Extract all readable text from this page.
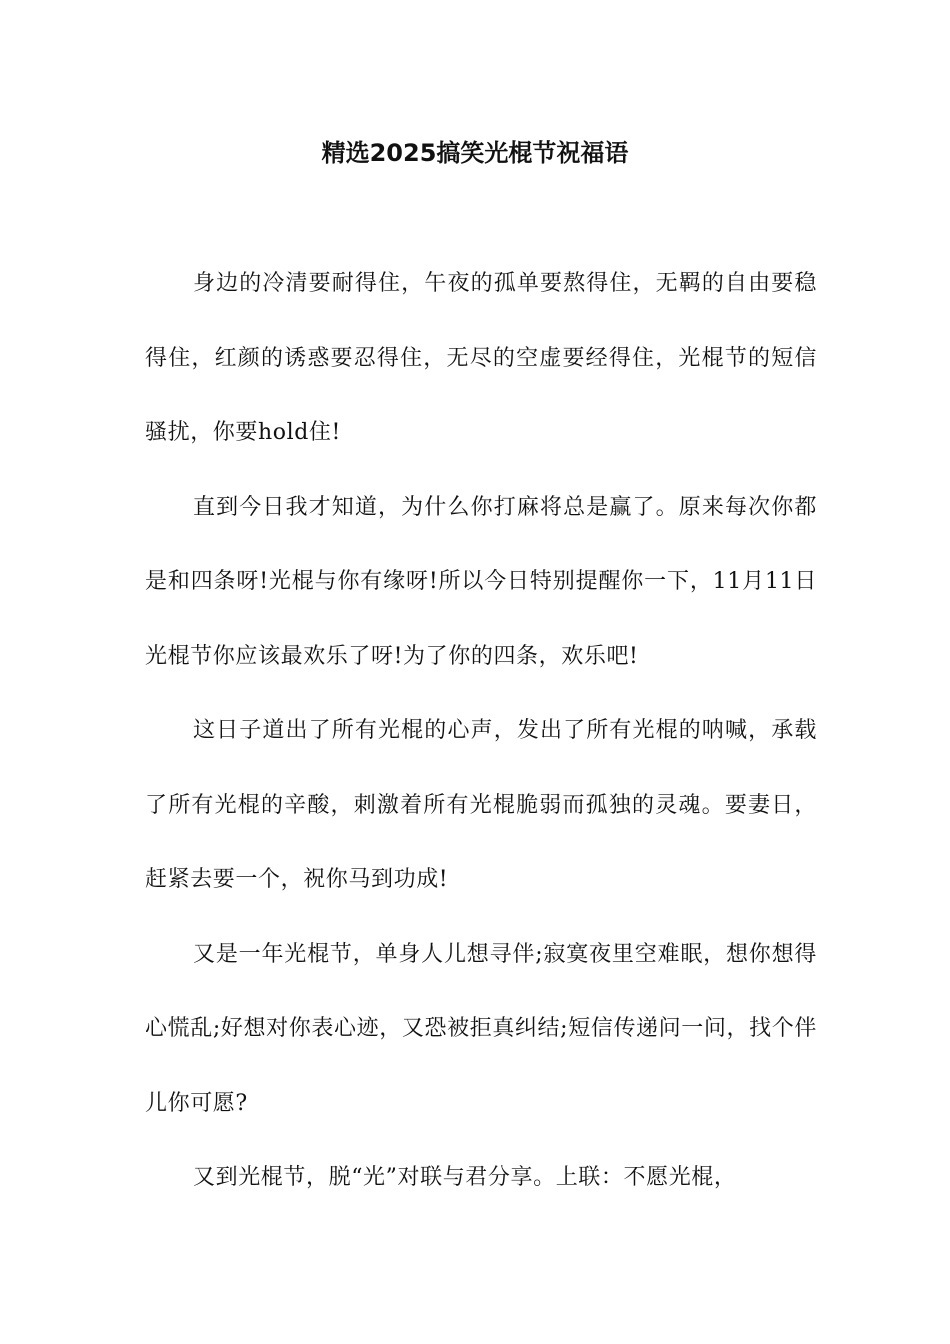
精选2025搞笑光棍节祝福语

身边的冷清要耐得住，午夜的孤单要熬得住，无羁的自由要稳得住，红颜的诱惑要忍得住，无尽的空虚要经得住，光棍节的短信骚扰，你要hold住!

直到今日我才知道，为什么你打麻将总是赢了。原来每次你都是和四条呀!光棍与你有缘呀!所以今日特别提醒你一下，11月11日光棍节你应该最欢乐了呀!为了你的四条，欢乐吧!

这日子道出了所有光棍的心声，发出了所有光棍的呐喊，承载了所有光棍的辛酸，刺激着所有光棍脆弱而孤独的灵魂。要妻日，赶紧去要一个，祝你马到功成!

又是一年光棍节，单身人儿想寻伴;寂寞夜里空难眠，想你想得心慌乱;好想对你表心迹，又恐被拒真纠结;短信传递问一问，找个伴儿你可愿?

又到光棍节，脱“光”对联与君分享。上联：不愿光棍，
